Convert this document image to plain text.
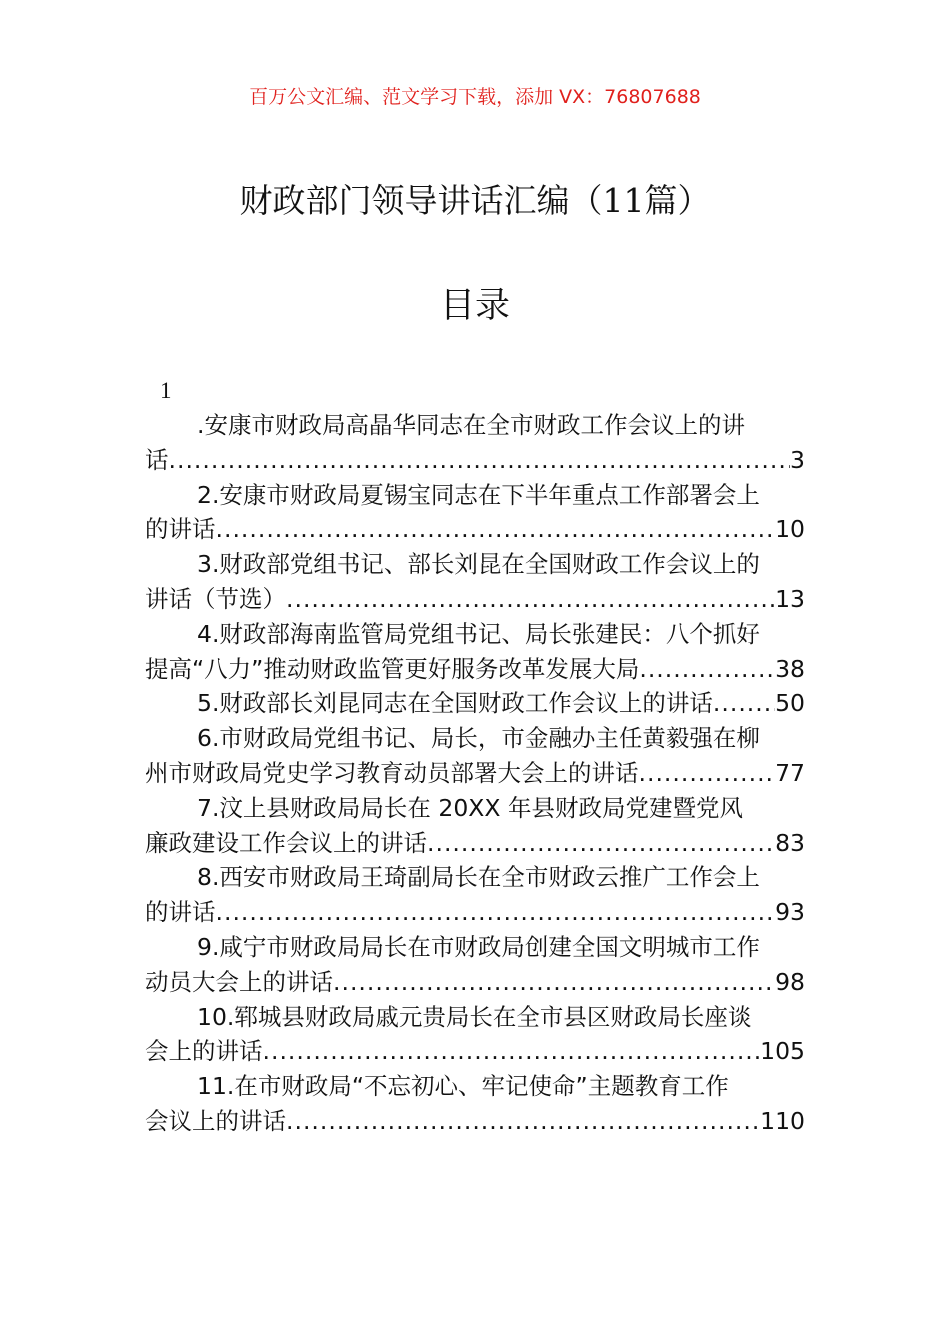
百万公文汇编、范文学习下载，添加 VX：76807688
财政部门领导讲话汇编（11篇）
目录
1
.安康市财政局高晶华同志在全市财政工作会议上的讲
话 .....	3
2.安康市财政局夏锡宝同志在下半年重点工作部署会上
的讲话 .....	10
3.财政部党组书记、部长刘昆在全国财政工作会议上的
讲话（节选） .....	13
4.财政部海南监管局党组书记、局长张建民：八个抓好
提高“八力”推动财政监管更好服务改革发展大局 .....	38
5.财政部长刘昆同志在全国财政工作会议上的讲话 .....	50
6.市财政局党组书记、局长，市金融办主任黄毅强在柳
州市财政局党史学习教育动员部署大会上的讲话 .....	77
7.汶上县财政局局长在 20XX 年县财政局党建暨党风
廉政建设工作会议上的讲话 .....	83
8.西安市财政局王琦副局长在全市财政云推广工作会上
的讲话 .....	93
9.咸宁市财政局局长在市财政局创建全国文明城市工作
动员大会上的讲话 .....	98
10.郓城县财政局戚元贵局长在全市县区财政局长座谈
会上的讲话 .....	105
11.在市财政局“不忘初心、牢记使命”主题教育工作
会议上的讲话 .....	110
